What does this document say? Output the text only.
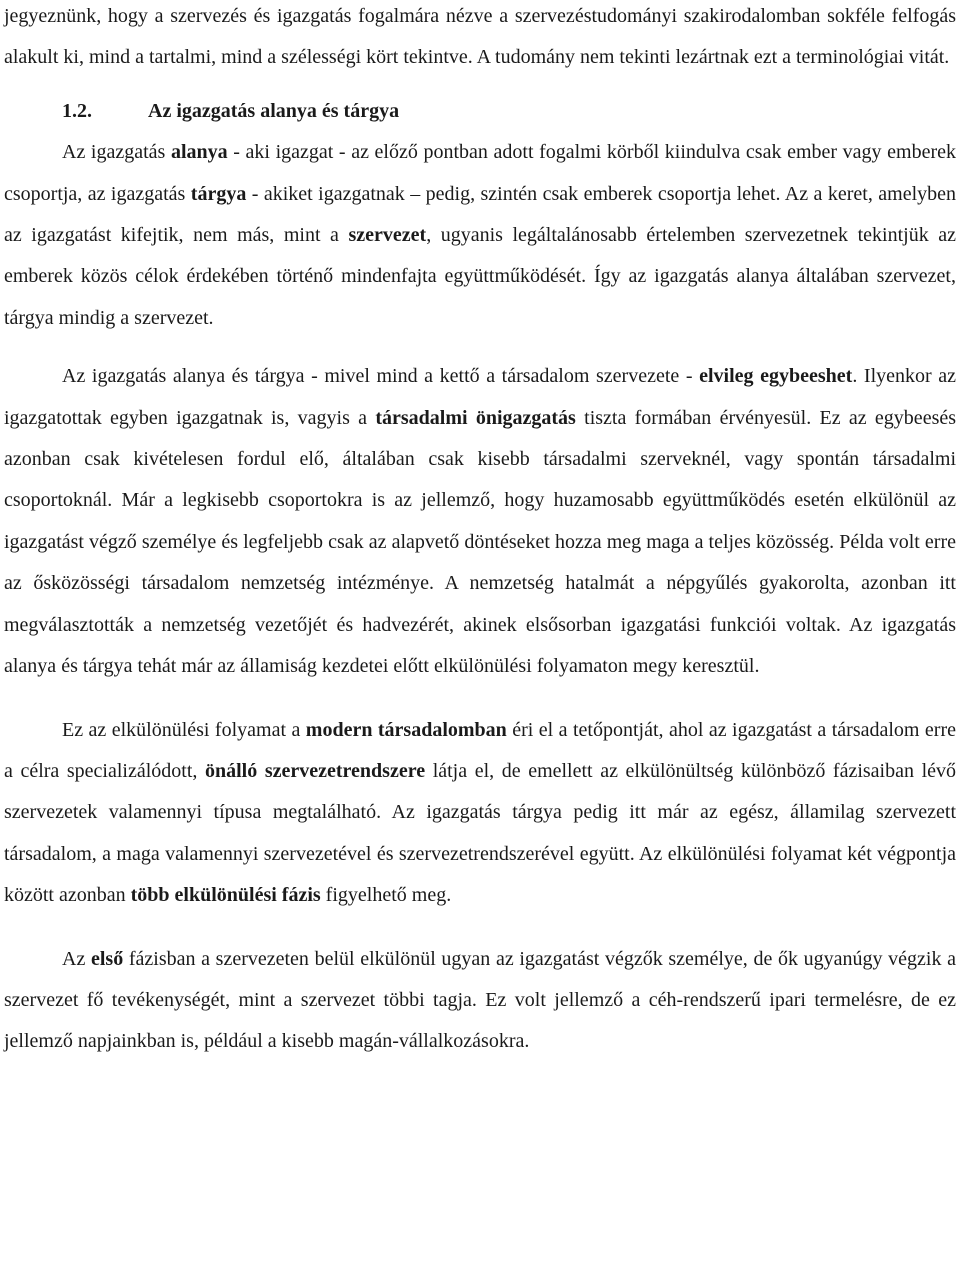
jegyeznünk, hogy a szervezés és igazgatás fogalmára nézve a szervezéstudományi szakirodalomban sokféle felfogás alakult ki, mind a tartalmi, mind a szélességi kört tekintve. A tudomány nem tekinti lezártnak ezt a terminológiai vitát.

1.2.	Az igazgatás alanya és tárgya

Az igazgatás alanya - aki igazgat - az előző pontban adott fogalmi körből kiindulva csak ember vagy emberek csoportja, az igazgatás tárgya - akiket igazgatnak – pedig, szintén csak emberek csoportja lehet. Az a keret, amelyben az igazgatást kifejtik, nem más, mint a szervezet, ugyanis legáltalánosabb értelemben szervezetnek tekintjük az emberek közös célok érdekében történő mindenfajta együttműködését. Így az igazgatás alanya általában szervezet, tárgya mindig a szervezet.

Az igazgatás alanya és tárgya - mivel mind a kettő a társadalom szervezete - elvileg egybeeshet. Ilyenkor az igazgatottak egyben igazgatnak is, vagyis a társadalmi önigazgatás tiszta formában érvényesül. Ez az egybeesés azonban csak kivételesen fordul elő, általában csak kisebb társadalmi szerveknél, vagy spontán társadalmi csoportoknál. Már a legkisebb csoportokra is az jellemző, hogy huzamosabb együttműködés esetén elkülönül az igazgatást végző személye és legfeljebb csak az alapvető döntéseket hozza meg maga a teljes közösség. Példa volt erre az ősközösségi társadalom nemzetség intézménye. A nemzetség hatalmát a népgyűlés gyakorolta, azonban itt megválasztották a nemzetség vezetőjét és hadvezérét, akinek elsősorban igazgatási funkciói voltak. Az igazgatás alanya és tárgya tehát már az államiság kezdetei előtt elkülönülési folyamaton megy keresztül.

Ez az elkülönülési folyamat a modern társadalomban éri el a tetőpontját, ahol az igazgatást a társadalom erre a célra specializálódott, önálló szervezetrendszere látja el, de emellett az elkülönültség különböző fázisaiban lévő szervezetek valamennyi típusa megtalálható. Az igazgatás tárgya pedig itt már az egész, államilag szervezett társadalom, a maga valamennyi szervezetével és szervezetrendszerével együtt. Az elkülönülési folyamat két végpontja között azonban több elkülönülési fázis figyelhető meg.

Az első fázisban a szervezeten belül elkülönül ugyan az igazgatást végzők személye, de ők ugyanúgy végzik a szervezet fő tevékenységét, mint a szervezet többi tagja. Ez volt jellemző a céh-rendszerű ipari termelésre, de ez jellemző napjainkban is, például a kisebb magán-vállalkozásokra.
